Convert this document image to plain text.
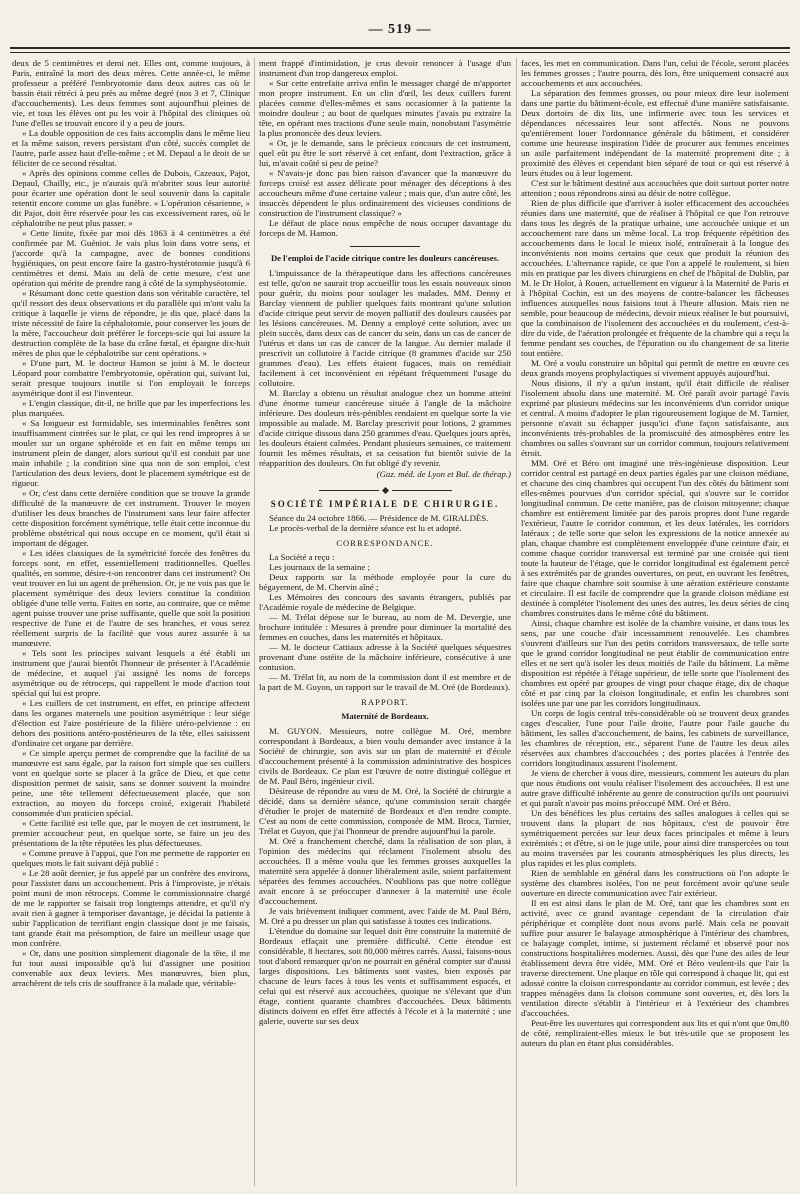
— 519 —

deux de 5 centimètres et demi net. Elles ont, comme toujours, à Paris, entraîné la mort des deux mères. Cette année-ci, le même professeur a préféré l'embryotomie dans deux autres cas où le bassin était rétréci à peu près au même degré (nos 3 et 7, Clinique d'accouchements). Les deux femmes sont aujourd'hui pleines de vie, et tous les élèves ont pu les voir à l'hôpital des cliniques où l'une d'elles se trouvait encore il y a peu de jours.

« La double opposition de ces faits accomplis dans le même lieu et la même saison, revers persistant d'un côté, succès complet de l'autre, parle assez haut d'elle-même ; et M. Depaul a le droit de se féliciter de ce second résultat.

« Après des opinions comme celles de Dubois, Cazeaux, Pajot, Depaul, Chailly, etc., je n'aurais qu'à m'abriter sous leur autorité pour écarter une opération dont le seul souvenir dans la capitale retentit encore comme un glas funèbre. « L'opération césarienne, » dit Pajot, doit être réservée pour les cas excessivement rares, où le céphalotribe ne peut plus passer. »

« Cette limite, fixée par moi dès 1863 à 4 centimètres a été confirmée par M. Guéniot. Je vais plus loin dans votre sens, et j'accorde qu'à la campagne, avec de bonnes conditions hygiéniques, on peut encore faire la gastro-hystérotomie jusqu'à 6 centimètres et demi. Mais au delà de cette mesure, c'est une opération qui mérite de prendre rang à côté de la symphyséotomie.

« Résumant donc cette question dans son véritable caractère, tel qu'il ressort des deux observations et du parallèle qui m'ont valu la critique à laquelle je viens de répondre, je dis que, placé dans la triste nécessité de faire la céphalotomie, pour conserver les jours de la mère, l'accoucheur doit préférer le forceps-scie qui lui assure la destruction complète de la base du crâne fœtal, et épargne dix-huit mères de plus que le céphalotribe sur cent opérations. »

« D'une part, M. le docteur Hamon se joint à M. le docteur Léopard pour combattre l'embryotomie, opération qui, suivant lui, serait presque toujours inutile si l'on employait le forceps asymétrique dont il est l'inventeur.

« L'engin classique, dit-il, ne brille que par les imperfections les plus marquées.

« Sa longueur est formidable, ses interminables fenêtres sont insuffisamment cintrées sur le plat, ce qui les rend impropres à se mouler sur un organe sphéroïde et en fait en même temps un instrument plein de danger, alors surtout qu'il est conduit par une main inhabile ; la condition sine qua non de son emploi, c'est l'articulation des deux leviers, dont le placement symétrique est de rigueur.

« Or, c'est dans cette dernière condition que se trouve la grande difficulté de la manœuvre de cet instrument. Trouver le moyen d'utiliser les deux branches de l'instrument sans leur faire affecter cette disposition forcément symétrique, telle était cette inconnue du problème obstétrical qui nous occupe en ce moment, qu'il était si important de dégager.

« Les idées classiques de la symétricité forcée des fenêtres du forceps sont, en effet, essentiellement traditionnelles. Quelles qualités, en somme, désire-t-on rencontrer dans cet instrument? On veut trouver en lui un agent de préhension. Or, je ne vois pas que le placement symétrique des deux leviers constitue la condition obligée d'une telle vertu. Faites en sorte, au contraire, que ce même agent puisse trouver une prise suffisante, quelle que soit la position respective de l'une et de l'autre de ses branches, et vous serez réellement surpris de la facilité que vous aurez assurée à sa manœuvre.

« Tels sont les principes suivant lesquels a été établi un instrument que j'aurai bientôt l'honneur de présenter à l'Académie de médecine, et auquel j'ai assigné les noms de forceps asymétrique ou de rétroceps, qui rappellent le mode d'action tout spécial qui lui est propre.

« Les cuillers de cet instrument, en effet, en principe affectent dans les organes maternels une position asymétrique : leur siége d'élection est l'aire postérieure de la filière utéro-pelvienne : en dehors des positions antéro-postérieures de la tête, elles saisissent d'ordinaire cet organe par derrière.

« Ce simple aperçu permet de comprendre que la facilité de sa manœuvre est sans égale, par la raison fort simple que ses cuillers vont en quelque sorte se placer à la grâce de Dieu, et que cette disposition permet de saisir, sans se donner souvent la moindre peine, une tête tellement défectueusement placée, que son extraction, au moyen du forceps croisé, exigerait l'habileté consommée d'un praticien spécial.

« Cette facilité est telle que, par le moyen de cet instrument, le premier accoucheur peut, en quelque sorte, se faire un jeu des présentations de la tête réputées les plus défectueuses.

« Comme preuve à l'appui, que l'on me permette de rapporter en quelques mots le fait suivant déjà publié :

« Le 28 août dernier, je fus appelé par un confrère des environs, pour l'assister dans un accouchement. Pris à l'improviste, je n'étais point muni de mon rétroceps. Comme le commissionnaire chargé de me le rapporter se faisait trop longtemps attendre, et qu'il n'y avait rien à gagner à temporiser davantage, je décidai la patiente à subir l'application de terrifiant engin classique dont je me faisais, tant grande était ma présomption, de faire un meilleur usage que mon confrère.

« Or, dans une position simplement diagonale de la tête, il me fut tout aussi impossible qu'à lui d'assigner une position convenable aux deux leviers. Mes manœuvres, bien plus, arrachèrent de tels cris de souffrance à la malade que, véritable-

ment frappé d'intimidation, je crus devoir renoncer à l'usage d'un instrument d'un trop dangereux emploi.

« Sur cette entrefaite arriva enfin le messager chargé de m'apporter mon propre instrument. En un clin d'œil, les deux cuillers furent placées comme d'elles-mêmes et sans occasionner à la patiente la moindre douleur ; au bout de quelques minutes j'avais pu extraire la tête, en opérant mes tractions d'une seule main, nonobstant l'asymétrie la plus prononcée des deux leviers.

« Or, je le demande, sans le précieux concours de cet instrument, quel eût pu être le sort réservé à cet enfant, dont l'extraction, grâce à lui, m'avait coûté si peu de peine?

« N'avais-je donc pas bien raison d'avancer que la manœuvre du forceps croisé est assez délicate pour ménager des déceptions à des accoucheurs même d'une certaine valeur ; mais que, d'un autre côté, les insuccès dépendent le plus ordinairement des vicieuses conditions de construction de l'instrument classique? »

Le défaut de place nous empêche de nous occuper davantage du forceps de M. Hamon.

De l'emploi de l'acide citrique contre les douleurs cancéreuses.

L'impuissance de la thérapeutique dans les affections cancéreuses est telle, qu'on ne saurait trop accueillir tous les essais nouveaux sinon pour guérir, du moins pour soulager les malades. MM. Denny et Barclay viennent de publier quelques faits montrant qu'une solution d'acide citrique peut servir de moyen palliatif des douleurs causées par les lésions cancéreuses. M. Denny a employé cette solution, avec un plein succès, dans deux cas de cancer du sein, dans un cas de cancer de l'utérus et dans un cas de cancer de la langue. Au dernier malade il prescrivit un collutoire à l'acide citrique (8 grammes d'acide sur 250 grammes d'eau). Les effets étaient fugaces, mais on remédiait facilement à cet inconvénient en répétant fréquemment l'usage du collutoire.

M. Barclay a obtenu un résultat analogue chez un homme atteint d'une énorme tumeur cancéreuse située à l'angle de la mâchoire inférieure. Des douleurs très-pénibles rendaient en quelque sorte la vie impossible au malade. M. Barclay prescrivit pour lotions, 2 grammes d'acide citrique dissous dans 250 grammes d'eau. Quelques jours après, les douleurs étaient calmées. Pendant plusieurs semaines, ce traitement fournit les mêmes résultats, et sa cessation fut bientôt suivie de la réapparition des douleurs. On fut obligé d'y revenir.

(Gaz. méd. de Lyon et Bul. de thérap.)
SOCIÉTÉ IMPÉRIALE DE CHIRURGIE.

Séance du 24 octobre 1866. — Présidence de M. GIRALDÈS.

Le procès-verbal de la dernière séance est lu et adopté.

CORRESPONDANCE.
La Société a reçu :
Les journaux de la semaine ;
Deux rapports sur la méthode employée pour la cure du bégayement, de M. Chervin aîné ;
Les Mémoires des concours des savants étrangers, publiés par l'Académie royale de médecine de Belgique.
— M. Trélat dépose sur le bureau, au nom de M. Devergie, une brochure intitulée : Mesures à prendre pour diminuer la mortalité des femmes en couches, dans les maternités et hôpitaux.
— M. le docteur Cattiaux adresse à la Société quelques séquestres provenant d'une ostéite de la mâchoire inférieure, consécutive à une contusion.
— M. Trélat lit, au nom de la commission dont il est membre et de la part de M. Guyon, un rapport sur le travail de M. Oré (de Bordeaux).
RAPPORT.
Maternité de Bordeaux.

M. GUYON. Messieurs, notre collègue M. Oré, membre correspondant à Bordeaux, a bien voulu demander avec instance à la Société de chirurgie, son avis sur un plan de maternité et d'école d'accouchement présenté à la commission administrative des hospices civils de Bordeaux. Ce plan est l'œuvre de notre distingué collègue et de M. Paul Béro, ingénieur civil.

Désireuse de répondre au vœu de M. Oré, la Société de chirurgie a décidé, dans sa dernière séance, qu'une commission serait chargée d'étudier le projet de maternité de Bordeaux et d'en rendre compte. C'est au nom de cette commission, composée de MM. Broca, Tarnier, Trélat et Guyon, que j'ai l'honneur de prendre aujourd'hui la parole.

M. Oré a franchement cherché, dans la réalisation de son plan, à l'opinion des médecins qui réclament l'isolement absolu des accouchées. Il a même voulu que les femmes grosses auxquelles la maternité sera appelée à donner libéralement asile, soient parfaitement séparées des femmes accouchées. N'oublions pas que notre collègue avait encore à se préoccuper d'annexer à la maternité une école d'accouchement.

Je vais brièvement indiquer comment, avec l'aide de M. Paul Béro, M. Oré a pu dresser un plan qui satisfasse à toutes ces indications.

L'étendue du domaine sur lequel doit être construite la maternité de Bordeaux effaçait une première difficulté. Cette étendue est considérable, 8 hectares, soit 80,000 mètres carrés. Aussi, faisons-nous tout d'abord remarquer qu'on ne pourrait en général compter sur d'aussi larges dispositions. Les bâtiments sont vastes, bien exposés par chacune de leurs faces à tous les vents et suffisamment espacés, et celui qui est réservé aux accouchées, quoique ne s'élevant que d'un étage, contient quarante chambres d'accouchées. Deux bâtiments distincts doivent en effet être affectés à l'école et à la maternité ; une galerie, ouverte sur ses deux

faces, les met en communication. Dans l'un, celui de l'école, seront placées les femmes grosses ; l'autre pourra, dès lors, être uniquement consacré aux accouchements et aux accouchées.

La séparation des femmes grosses, ou pour mieux dire leur isolement dans une partie du bâtiment-école, est effectué d'une manière satisfaisante. Deux dortoirs de dix lits, une infirmerie avec tous les services et dépendances nécessaires leur sont affectés. Nous ne pouvons qu'entièrement louer l'ordonnance générale du bâtiment, et considérer comme une heureuse inspiration l'idée de procurer aux femmes enceintes un asile parfaitement indépendant de la maternité proprement dite ; à proximité des élèves et cependant bien séparé de tout ce qui est réservé à leurs études ou à leur logement.

C'est sur le bâtiment destiné aux accouchées que doit surtout porter notre attention ; nous répondrons ainsi au désir de notre collègue.

Rien de plus difficile que d'arriver à isoler efficacement des accouchées réunies dans une maternité, que de réaliser à l'hôpital ce que l'on retrouve dans tous les degrés de la pratique urbaine, une accouchée unique et un accouchement rare dans un même local. La trop fréquente répétition des accouchements dans le local le mieux isolé, entraînerait à la longue des inconvénients non moins certains que ceux que produit la réunion des accouchées. L'alternance rapide, ce que l'on a appelé le roulement, si bien mis en pratique par les divers chirurgiens en chef de l'hôpital de Dublin, par M. le Dr Holot, à Rouen, actuellement en vigueur à la Maternité de Paris et à l'hôpital Cochin, est un des moyens de contre-balancer les fâcheuses influences auxquelles nous faisions tout à l'heure allusion. Mais rien ne semble, pour beaucoup de médecins, devoir mieux réaliser le but poursuivi, que la combinaison de l'isolement des accouchées et du roulement, c'est-à-dire du vide, de l'aération prolongée et fréquente de la chambre qui a reçu la femme pendant ses couches, de l'épuration ou du changement de sa literie tout entière.

M. Oré a voulu construire un hôpital qui permît de mettre en œuvre ces deux grands moyens prophylactiques si vivement appuyés aujourd'hui.

Nous disions, il n'y a qu'un instant, qu'il était difficile de réaliser l'isolement absolu dans une maternité. M. Oré paraît avoir partagé l'avis exprimé par plusieurs médecins sur les inconvénients d'un corridor unique et central. A moins d'adopter le plan rigoureusement logique de M. Tarnier, personne n'avait su échapper jusqu'ici d'une façon satisfaisante, aux inconvénients très-probables de la promiscuité des atmosphères entre les chambres ou salles s'ouvrant sur un corridor commun, toujours relativement étroit.

MM. Oré et Béro ont imaginé une très-ingénieuse disposition. Leur corridor central est partagé en deux parties égales par une cloison médiane, et chacune des cinq chambres qui occupent l'un des côtés du bâtiment sont elles-mêmes pourvues d'un corridor spécial, qui s'ouvre sur le corridor longitudinal commun. De cette manière, pas de cloison mitoyenne; chaque chambre est entièrement limitée par des parois propres dont l'une regarde l'extérieur, l'autre le corridor commun, et les deux latérales, les corridors latéraux ; de telle sorte que selon les expressions de la notice annexée au plan, chaque chambre est complètement enveloppée d'une ceinture d'air, et comme chaque corridor transversal est terminé par une croisée qui tient toute la hauteur de l'étage, que le corridor longitudinal est également percé à ses extrémités par de grandes ouvertures, on peut, en ouvrant les fenêtres, faire que chaque chambre soit soumise à une aération extérieure constante et circulaire. Il est facile de comprendre que la grande cloison médiane est destinée à compléter l'isolement des unes des autres, les deux séries de cinq chambres construites dans le même côté du bâtiment.

Ainsi, chaque chambre est isolée de la chambre voisine, et dans tous les sens, par une couche d'air incessamment renouvelée. Les chambres s'ouvrent d'ailleurs sur l'un des petits corridors transversaux, de telle sorte que le grand corridor longitudinal ne peut établir de communication entre elles et ne sert qu'à isoler les deux moitiés de l'aile du bâtiment. La même disposition est répétée à l'étage supérieur, de telle sorte que l'isolement des chambres est opéré par groupes de vingt pour chaque étage, dix de chaque côté et par cinq par la cloison longitudinale, et enfin les chambres sont isolées une par une par les corridors longitudinaux.

Un corps de logis central très-considérable où se trouvent deux grandes cages d'escalier, l'une pour l'aile droite, l'autre pour l'aile gauche du bâtiment, les salles d'accouchement, de bains, les cabinets de surveillance, les chambres de réception, etc., séparent l'une de l'autre les deux ailes réservées aux chambres d'accouchées ; des portes placées à l'entrée des corridors longitudinaux assurent l'isolement.

Je viens de chercher à vous dire, messieurs, comment les auteurs du plan que nous étudions ont voulu réaliser l'isolement des accouchées. Il est une autre grave difficulté inhérente au genre de construction qu'ils ont poursuivi et qui paraît n'avoir pas moins préoccupé MM. Oré et Béro.

Un des bénéfices les plus certains des salles analogues à celles qui se trouvent dans la plupart de nos hôpitaux, c'est de pouvoir être symétriquement percées sur leur deux faces principales et même à leurs extrémités ; et d'être, si on le juge utile, pour ainsi dire transpercées ou tout au moins traversées par les courants atmosphériques les plus directs, les plus rapides et les plus complets.

Rien de semblable en général dans les constructions où l'on adopte le système des chambres isolées, l'on ne peut forcément avoir qu'une seule ouverture en directe communication avec l'air extérieur.

Il en est ainsi dans le plan de M. Oré, tant que les chambres sont en activité, avec ce grand avantage cependant de la circulation d'air périphérique et complète dont nous avons parlé. Mais cela ne pouvait suffire pour assurer le balayage atmosphérique à l'intérieur des chambres, ce balayage complet, intime, si justement réclamé et observé pour nos constructions hospitalières modernes. Aussi, dès que l'une des ailes de leur établissement devra être vidée, MM. Oré et Béro veulent-ils que l'air la traverse directement. Une plaque en tôle qui correspond à chaque lit, qui est adossé contre la cloison correspondante au corridor commun, est levée ; des trappes ménagées dans la cloison commune sont ouvertes, et, dès lors la ventilation directe s'établit à l'intérieur et à l'extérieur des chambres d'accouchées.

Peut-être les ouvertures qui correspondent aux lits et qui n'ont que 0m,80 de côté, rempliraient-elles mieux le but très-utile que se proposent les auteurs du plan en étant plus considérables.
